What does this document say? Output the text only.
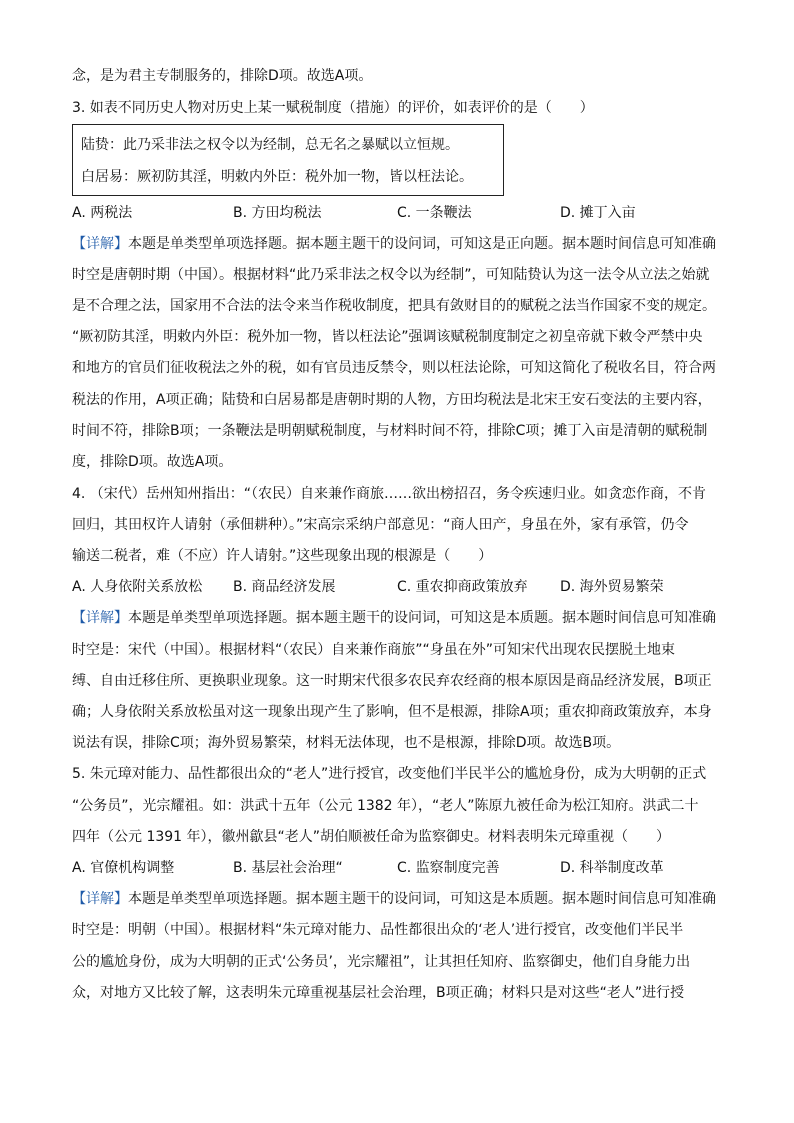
念，是为君主专制服务的，排除D项。故选A项。
3. 如表不同历史人物对历史上某一赋税制度（措施）的评价，如表评价的是（　　）
陆贽：此乃采非法之权令以为经制，总无名之暴赋以立恒规。
白居易：厥初防其淫，明敕内外臣：税外加一物，皆以枉法论。
A. 两税法	B. 方田均税法	C. 一条鞭法	D. 摊丁入亩
【详解】本题是单类型单项选择题。据本题主题干的设问词，可知这是正向题。据本题时间信息可知准确
时空是唐朝时期（中国）。根据材料“此乃采非法之权令以为经制”，可知陆贽认为这一法令从立法之始就
是不合理之法，国家用不合法的法令来当作税收制度，把具有敛财目的的赋税之法当作国家不变的规定。
“厥初防其淫，明敕内外臣：税外加一物，皆以枉法论”强调该赋税制度制定之初皇帝就下敕令严禁中央
和地方的官员们征收税法之外的税，如有官员违反禁令，则以枉法论除，可知这简化了税收名目，符合两
税法的作用，A项正确；陆贽和白居易都是唐朝时期的人物，方田均税法是北宋王安石变法的主要内容，
时间不符，排除B项；一条鞭法是明朝赋税制度，与材料时间不符，排除C项；摊丁入亩是清朝的赋税制
度，排除D项。故选A项。
4. （宋代）岳州知州指出：“（农民）自来兼作商旅……欲出榜招召，务令疾速归业。如贪恋作商，不肯
回归，其田权许人请射（承佃耕种）。”宋高宗采纳户部意见：“商人田产，身虽在外，家有承管，仍令
输送二税者，难（不应）许人请射。”这些现象出现的根源是（　　）
A. 人身依附关系放松 B. 商品经济发展	C. 重农抑商政策放弃 D. 海外贸易繁荣
【详解】本题是单类型单项选择题。据本题主题干的设问词，可知这是本质题。据本题时间信息可知准确
时空是：宋代（中国）。根据材料“（农民）自来兼作商旅”“身虽在外”可知宋代出现农民摆脱土地束
缚、自由迁移住所、更换职业现象。这一时期宋代很多农民弃农经商的根本原因是商品经济发展，B项正
确；人身依附关系放松虽对这一现象出现产生了影响，但不是根源，排除A项；重农抑商政策放弃，本身
说法有误，排除C项；海外贸易繁荣，材料无法体现，也不是根源，排除D项。故选B项。
5. 朱元璋对能力、品性都很出众的“老人”进行授官，改变他们半民半公的尴尬身份，成为大明朝的正式
“公务员”，光宗耀祖。如：洪武十五年（公元 1382 年），“老人”陈原九被任命为松江知府。洪武二十
四年（公元 1391 年），徽州歙县“老人”胡伯顺被任命为监察御史。材料表明朱元璋重视（　　）
A. 官僚机构调整	B. 基层社会治理“	C. 监察制度完善	D. 科举制度改革
【详解】本题是单类型单项选择题。据本题主题干的设问词，可知这是本质题。据本题时间信息可知准确
时空是：明朝（中国）。根据材料“朱元璋对能力、品性都很出众的‘老人’进行授官，改变他们半民半
公的尴尬身份，成为大明朝的正式‘公务员’，光宗耀祖”，让其担任知府、监察御史，他们自身能力出
众，对地方又比较了解，这表明朱元璋重视基层社会治理，B项正确；材料只是对这些“老人”进行授
